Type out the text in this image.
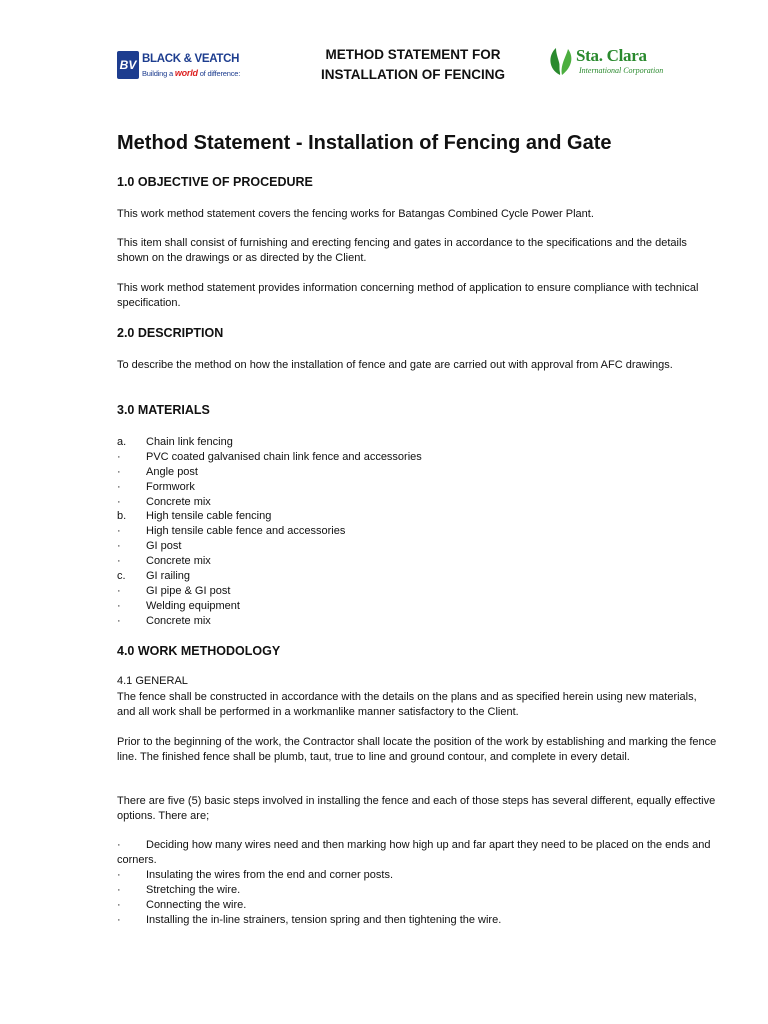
BV BLACK & VEATCH
Building a world of difference:
METHOD STATEMENT FOR
INSTALLATION OF FENCING
Sta. Clara
International Corporation
Method Statement - Installation of Fencing and Gate
1.0 OBJECTIVE OF PROCEDURE
This work method statement covers the fencing works for Batangas Combined Cycle Power Plant.
This item shall consist of furnishing and erecting fencing and gates in accordance to the specifications and the details shown on the drawings or as directed by the Client.
This work method statement provides information concerning method of application to ensure compliance with technical specification.
2.0 DESCRIPTION
To describe the method on how the installation of fence and gate are carried out with approval from AFC drawings.
3.0 MATERIALS
a.	Chain link fencing
·	PVC coated galvanised chain link fence and accessories
·	Angle post
·	Formwork
·	Concrete mix
b.	High tensile cable fencing
·	High tensile cable fence and accessories
·	GI post
·	Concrete mix
c.	GI railing
·	GI pipe & GI post
·	Welding equipment
·	Concrete mix
4.0 WORK METHODOLOGY
4.1 GENERAL
The fence shall be constructed in accordance with the details on the plans and as specified herein using new materials, and all work shall be performed in a workmanlike manner satisfactory to the Client.
Prior to the beginning of the work, the Contractor shall locate the position of the work by establishing and marking the fence line. The finished fence shall be plumb, taut, true to line and ground contour, and complete in every detail.
There are five (5) basic steps involved in installing the fence and each of those steps has several different, equally effective options. There are;
· Deciding how many wires need and then marking how high up and far apart they need to be placed on the ends and corners.
· Insulating the wires from the end and corner posts.
· Stretching the wire.
· Connecting the wire.
· Installing the in-line strainers, tension spring and then tightening the wire.
